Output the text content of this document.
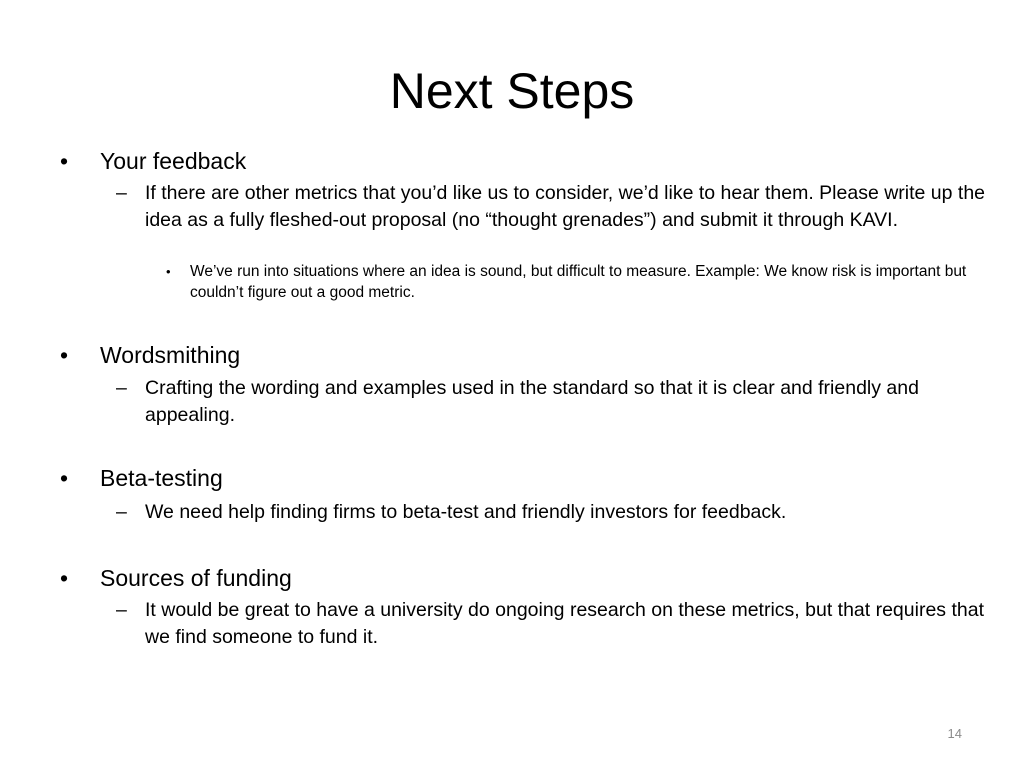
Next Steps
• Your feedback
– If there are other metrics that you’d like us to consider, we’d like to hear them. Please write up the idea as a fully fleshed-out proposal (no “thought grenades”) and submit it through KAVI.
• We’ve run into situations where an idea is sound, but difficult to measure. Example: We know risk is important but couldn’t figure out a good metric.
• Wordsmithing
– Crafting the wording and examples used in the standard so that it is clear and friendly and appealing.
• Beta-testing
– We need help finding firms to beta-test and friendly investors for feedback.
• Sources of funding
– It would be great to have a university do ongoing research on these metrics, but that requires that we find someone to fund it.
14
